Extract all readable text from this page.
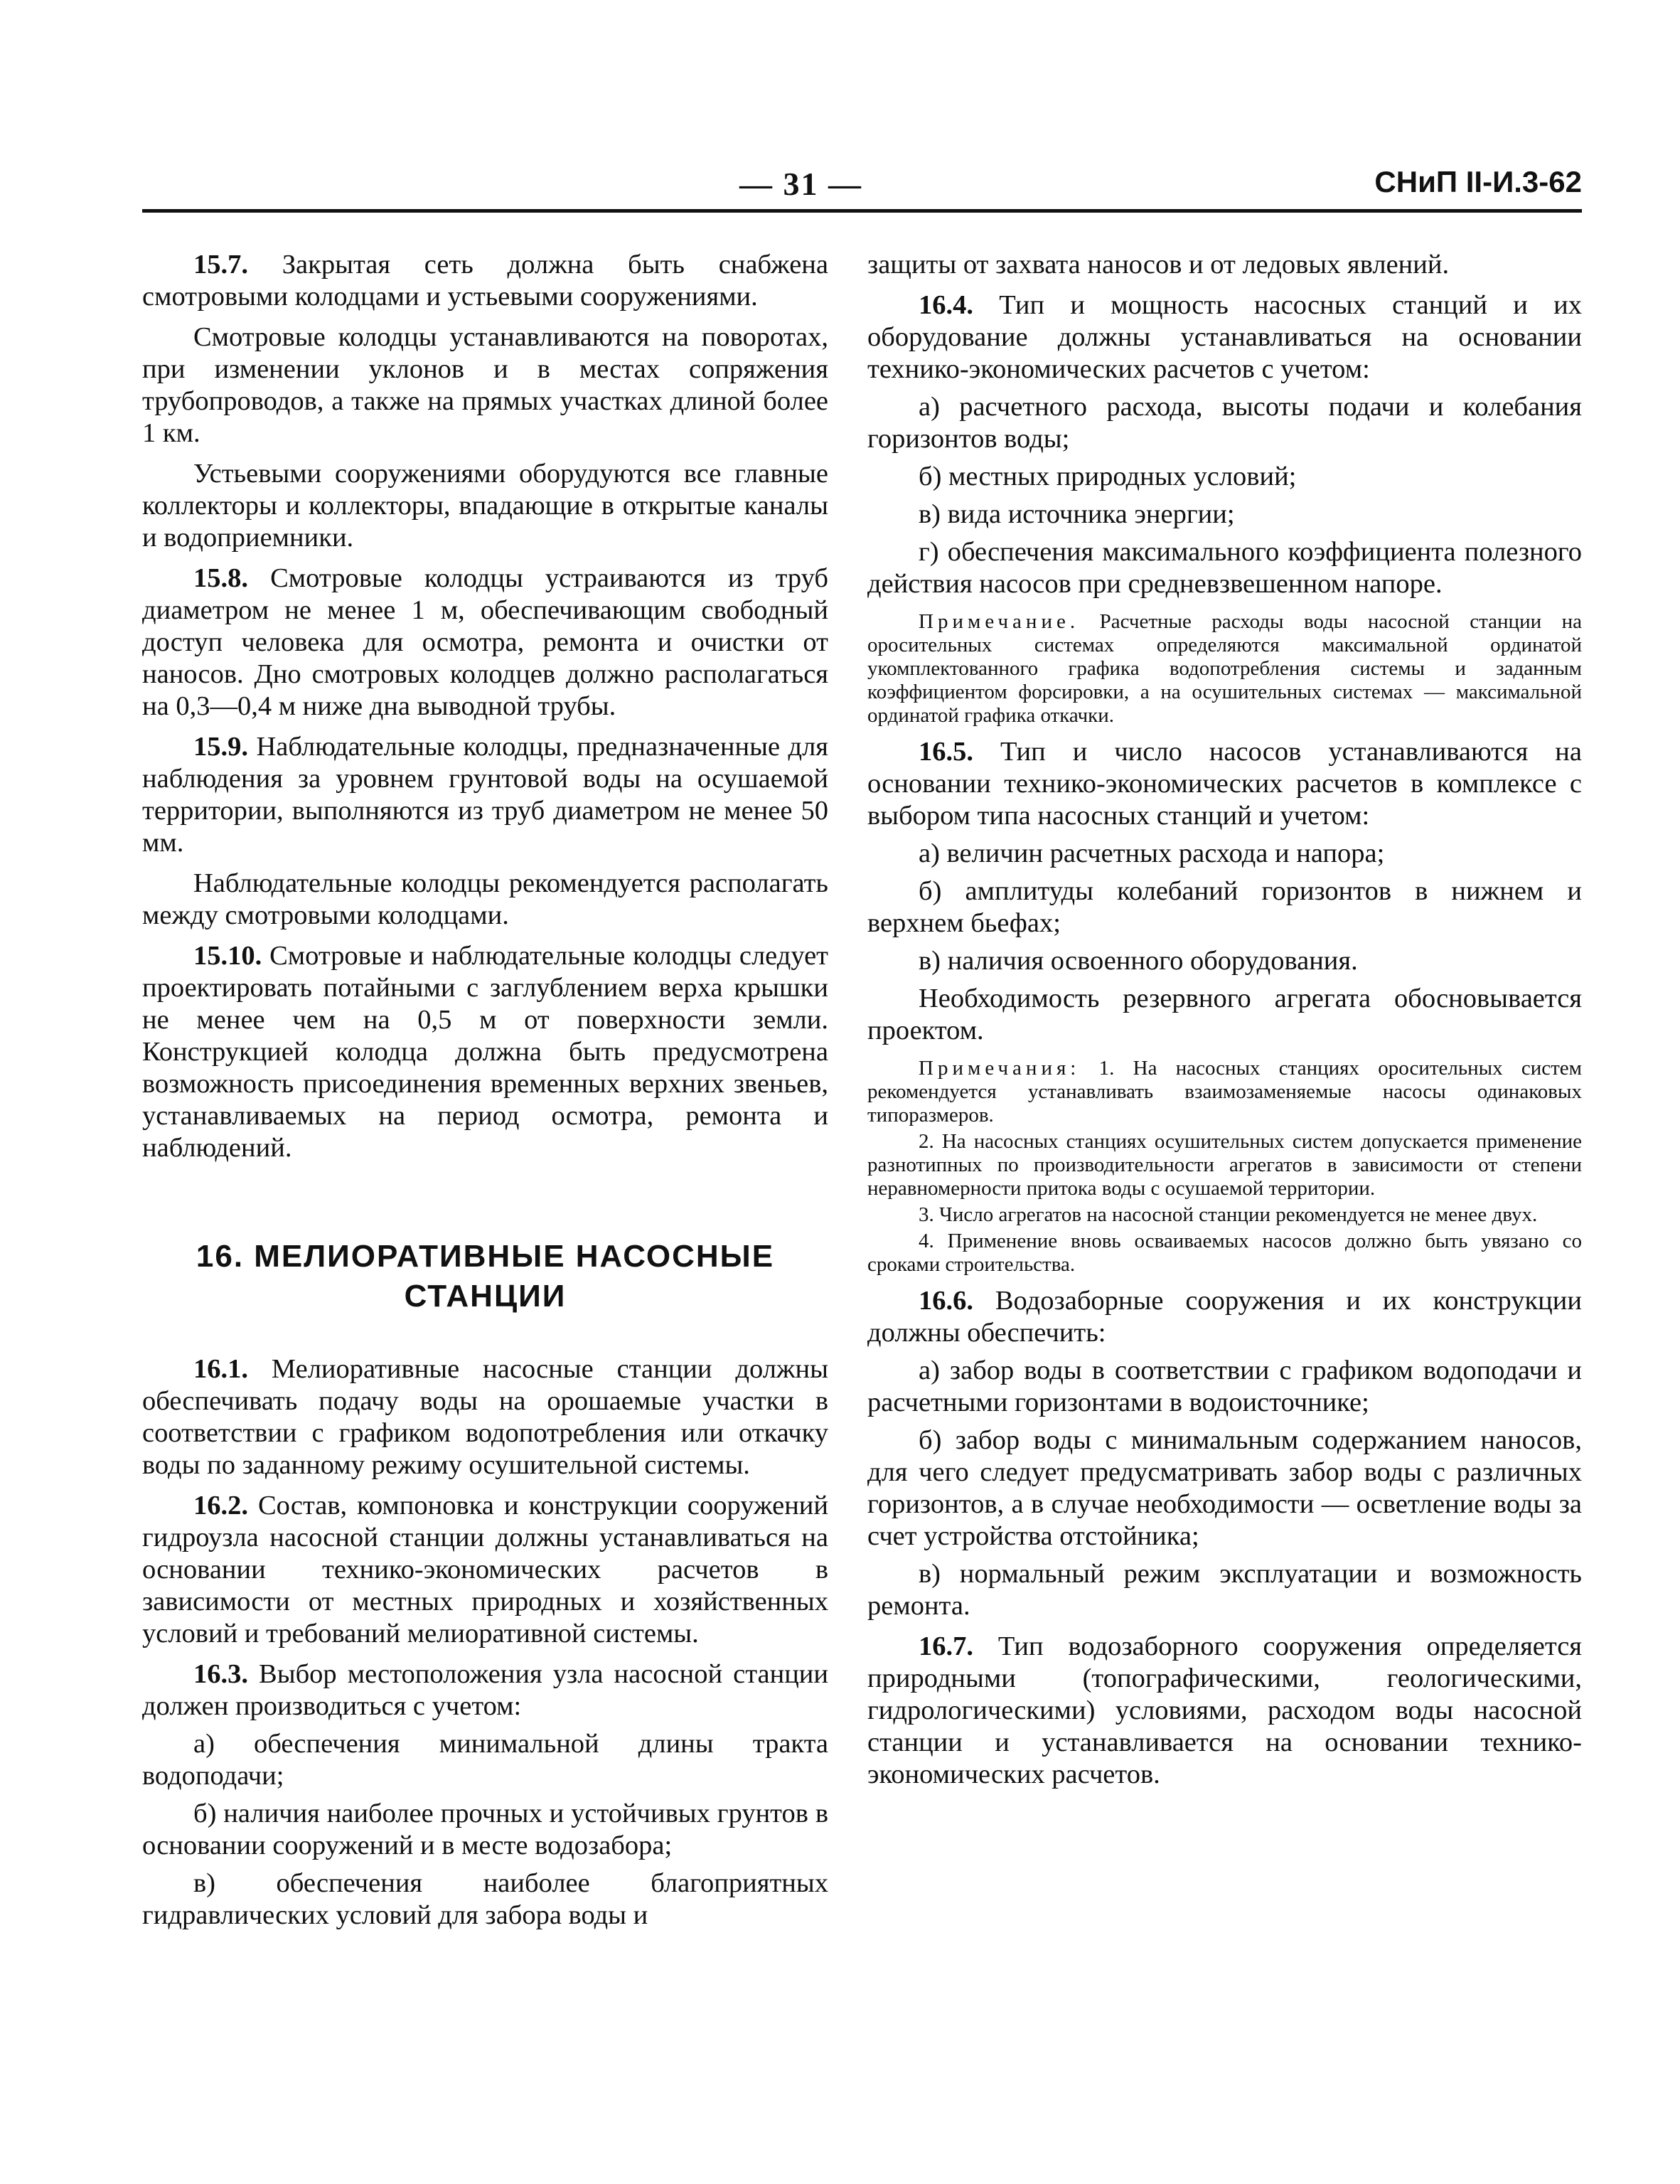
— 31 —	СНиП II-И.3-62

15.7. Закрытая сеть должна быть снабжена смотровыми колодцами и устьевыми сооружениями.

Смотровые колодцы устанавливаются на поворотах, при изменении уклонов и в местах сопряжения трубопроводов, а также на прямых участках длиной более 1 км.

Устьевыми сооружениями оборудуются все главные коллекторы и коллекторы, впадающие в открытые каналы и водоприемники.

15.8. Смотровые колодцы устраиваются из труб диаметром не менее 1 м, обеспечивающим свободный доступ человека для осмотра, ремонта и очистки от наносов. Дно смотровых колодцев должно располагаться на 0,3—0,4 м ниже дна выводной трубы.

15.9. Наблюдательные колодцы, предназначенные для наблюдения за уровнем грунтовой воды на осушаемой территории, выполняются из труб диаметром не менее 50 мм.

Наблюдательные колодцы рекомендуется располагать между смотровыми колодцами.

15.10. Смотровые и наблюдательные колодцы следует проектировать потайными с заглублением верха крышки не менее чем на 0,5 м от поверхности земли. Конструкцией колодца должна быть предусмотрена возможность присоединения временных верхних звеньев, устанавливаемых на период осмотра, ремонта и наблюдений.

16. МЕЛИОРАТИВНЫЕ НАСОСНЫЕ
СТАНЦИИ

16.1. Мелиоративные насосные станции должны обеспечивать подачу воды на орошаемые участки в соответствии с графиком водопотребления или откачку воды по заданному режиму осушительной системы.

16.2. Состав, компоновка и конструкции сооружений гидроузла насосной станции должны устанавливаться на основании технико-экономических расчетов в зависимости от местных природных и хозяйственных условий и требований мелиоративной системы.

16.3. Выбор местоположения узла насосной станции должен производиться с учетом:

а) обеспечения минимальной длины тракта водоподачи;

б) наличия наиболее прочных и устойчивых грунтов в основании сооружений и в месте водозабора;

в) обеспечения наиболее благоприятных гидравлических условий для забора воды и

защиты от захвата наносов и от ледовых явлений.

16.4. Тип и мощность насосных станций и их оборудование должны устанавливаться на основании технико-экономических расчетов с учетом:

а) расчетного расхода, высоты подачи и колебания горизонтов воды;

б) местных природных условий;

в) вида источника энергии;

г) обеспечения максимального коэффициента полезного действия насосов при средневзвешенном напоре.

Примечание. Расчетные расходы воды насосной станции на оросительных системах определяются максимальной ординатой укомплектованного графика водопотребления системы и заданным коэффициентом форсировки, а на осушительных системах — максимальной ординатой графика откачки.

16.5. Тип и число насосов устанавливаются на основании технико-экономических расчетов в комплексе с выбором типа насосных станций и учетом:

а) величин расчетных расхода и напора;

б) амплитуды колебаний горизонтов в нижнем и верхнем бьефах;

в) наличия освоенного оборудования.

Необходимость резервного агрегата обосновывается проектом.

Примечания: 1. На насосных станциях оросительных систем рекомендуется устанавливать взаимозаменяемые насосы одинаковых типоразмеров.

2. На насосных станциях осушительных систем допускается применение разнотипных по производительности агрегатов в зависимости от степени неравномерности притока воды с осушаемой территории.

3. Число агрегатов на насосной станции рекомендуется не менее двух.

4. Применение вновь осваиваемых насосов должно быть увязано со сроками строительства.

16.6. Водозаборные сооружения и их конструкции должны обеспечить:

а) забор воды в соответствии с графиком водоподачи и расчетными горизонтами в водоисточнике;

б) забор воды с минимальным содержанием наносов, для чего следует предусматривать забор воды с различных горизонтов, а в случае необходимости — осветление воды за счет устройства отстойника;

в) нормальный режим эксплуатации и возможность ремонта.

16.7. Тип водозаборного сооружения определяется природными (топографическими, геологическими, гидрологическими) условиями, расходом воды насосной станции и устанавливается на основании технико-экономических расчетов.
